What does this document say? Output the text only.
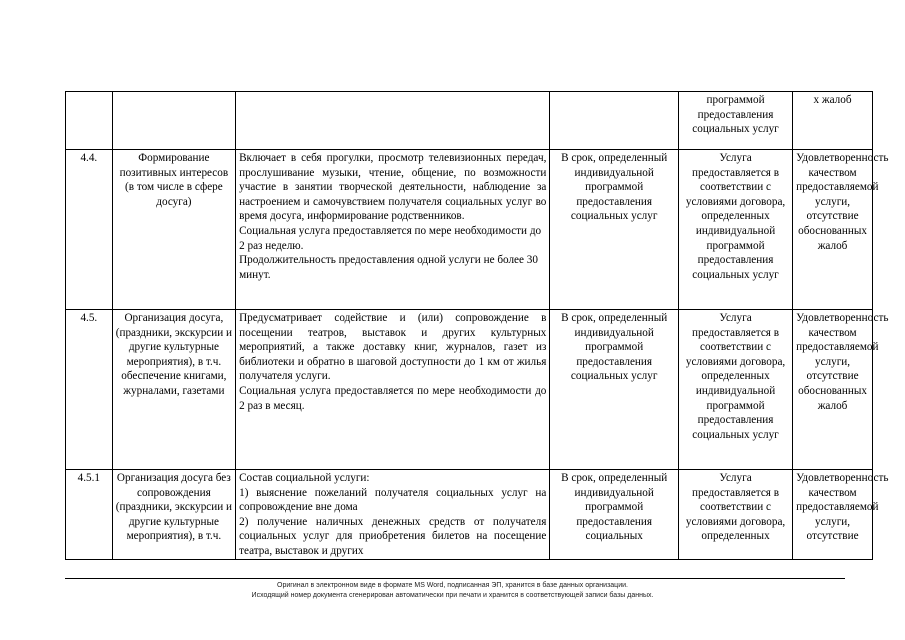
				программой предоставления социальных услуг	х жалоб
4.4.	Формирование позитивных интересов (в том числе в сфере досуга)	Включает в себя прогулки, просмотр телевизионных передач, прослушивание музыки, чтение, общение, по возможности участие в занятии творческой деятельности, наблюдение за настроением и самочувствием получателя социальных услуг во время досуга, информирование родственников.
Социальная услуга предоставляется по мере необходимости до 2 раз неделю.
Продолжительность предоставления одной услуги не более 30 минут.	В срок, определенный индивидуальной программой предоставления социальных услуг	Услуга предоставляется в соответствии с условиями договора, определенных индивидуальной программой предоставления социальных услуг	Удовлетворенность качеством предоставляемой услуги, отсутствие обоснованных жалоб
4.5.	Организация досуга, (праздники, экскурсии и другие культурные мероприятия), в т.ч. обеспечение книгами, журналами, газетами	Предусматривает содействие и (или) сопровождение в посещении театров, выставок и других культурных мероприятий, а также доставку книг, журналов, газет из библиотеки и обратно в шаговой доступности до 1 км от жилья получателя услуги.
Социальная услуга предоставляется по мере необходимости до 2 раз в месяц.	В срок, определенный индивидуальной программой предоставления социальных услуг	Услуга предоставляется в соответствии с условиями договора, определенных индивидуальной программой предоставления социальных услуг	Удовлетворенность качеством предоставляемой услуги, отсутствие обоснованных жалоб
4.5.1	Организация досуга без сопровождения (праздники, экскурсии и другие культурные мероприятия), в т.ч.	Состав социальной услуги:
1) выяснение пожеланий получателя социальных услуг на сопровождение вне дома
2) получение наличных денежных средств от получателя социальных услуг для приобретения билетов на посещение театра, выставок и других	В срок, определенный индивидуальной программой предоставления социальных	Услуга предоставляется в соответствии с условиями договора, определенных	Удовлетворенность качеством предоставляемой услуги, отсутствие
Оригинал в электронном виде в формате MS Word, подписанная ЭП, хранится в базе данных организации.
Исходящий номер документа сгенерирован автоматически при печати и хранится в соответствующей записи базы данных.
